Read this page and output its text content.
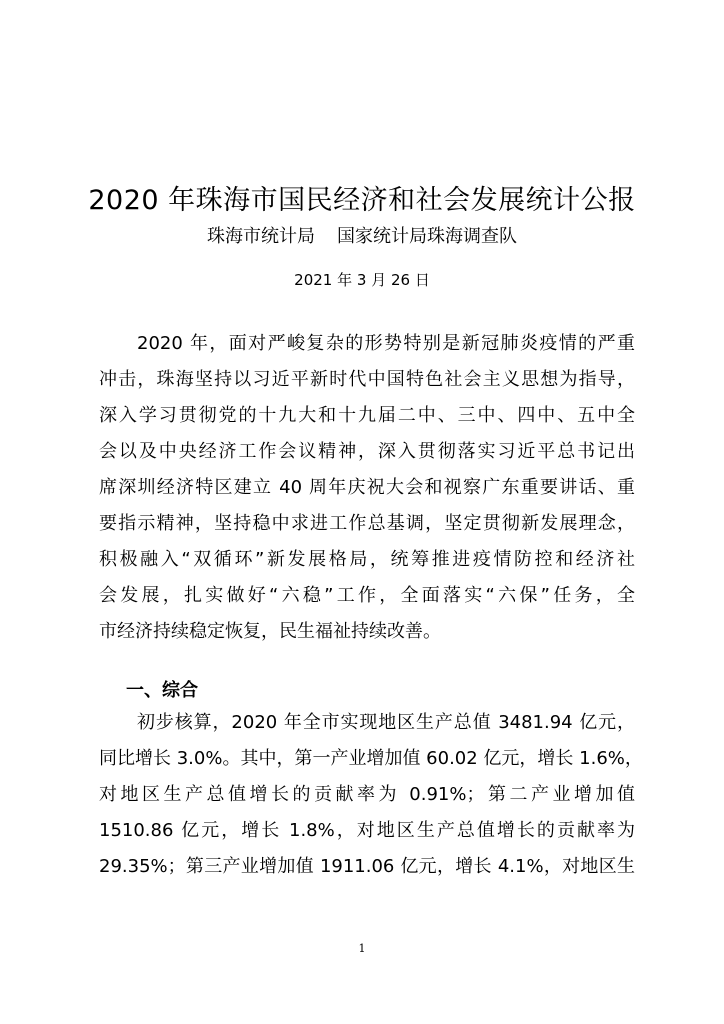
2020 年珠海市国民经济和社会发展统计公报
珠海市统计局 国家统计局珠海调查队
2021 年 3 月 26 日
2020 年，面对严峻复杂的形势特别是新冠肺炎疫情的严重
冲击，珠海坚持以习近平新时代中国特色社会主义思想为指导，
深入学习贯彻党的十九大和十九届二中、三中、四中、五中全
会以及中央经济工作会议精神，深入贯彻落实习近平总书记出
席深圳经济特区建立 40 周年庆祝大会和视察广东重要讲话、重
要指示精神，坚持稳中求进工作总基调，坚定贯彻新发展理念，
积极融入“双循环”新发展格局，统筹推进疫情防控和经济社
会发展，扎实做好“六稳”工作，全面落实“六保”任务，全
市经济持续稳定恢复，民生福祉持续改善。
一、综合
初步核算，2020 年全市实现地区生产总值 3481.94 亿元，
同比增长 3.0%。其中，第一产业增加值 60.02 亿元，增长 1.6%，
对地区生产总值增长的贡献率为 0.91%；第二产业增加值
1510.86 亿元，增长 1.8%，对地区生产总值增长的贡献率为
29.35%；第三产业增加值 1911.06 亿元，增长 4.1%，对地区生
1
